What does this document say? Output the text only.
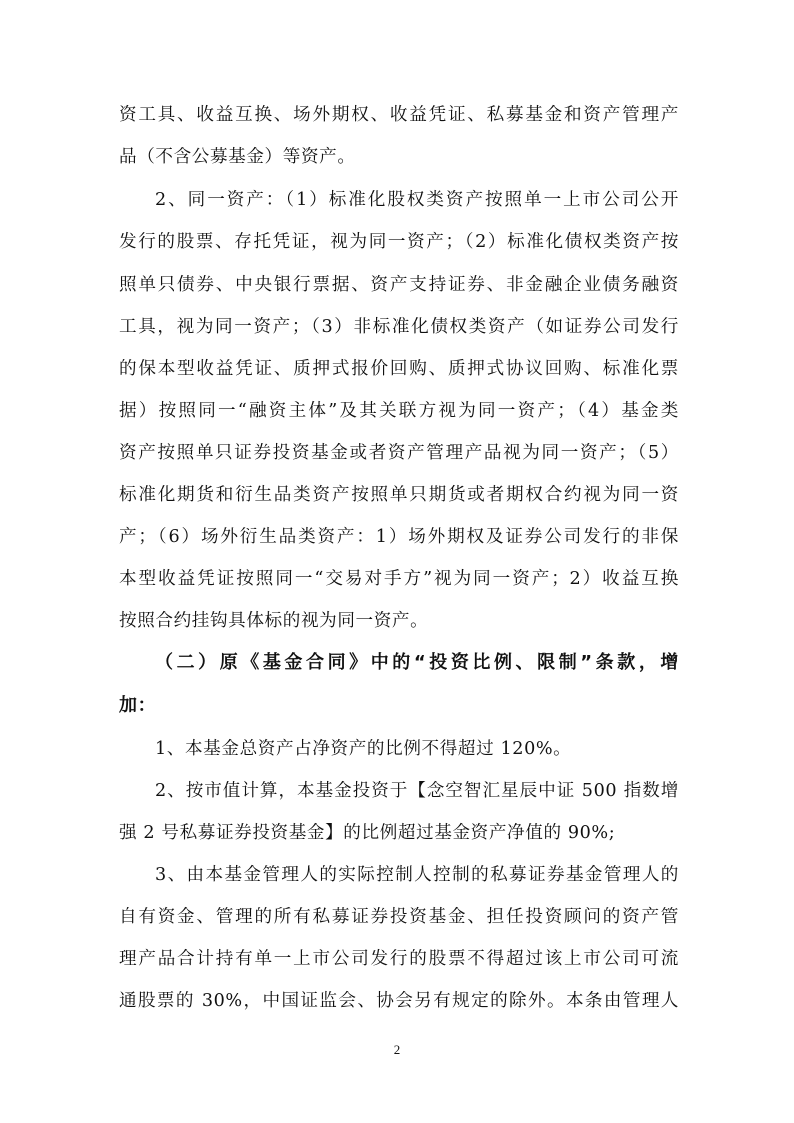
资工具、收益互换、场外期权、收益凭证、私募基金和资产管理产
品（不含公募基金）等资产。
2、同一资产：（1）标准化股权类资产按照单一上市公司公开
发行的股票、存托凭证，视为同一资产；（2）标准化债权类资产按
照单只债券、中央银行票据、资产支持证券、非金融企业债务融资
工具，视为同一资产；（3）非标准化债权类资产（如证券公司发行
的保本型收益凭证、质押式报价回购、质押式协议回购、标准化票
据）按照同一“融资主体”及其关联方视为同一资产；（4）基金类
资产按照单只证券投资基金或者资产管理产品视为同一资产；（5）
标准化期货和衍生品类资产按照单只期货或者期权合约视为同一资
产；（6）场外衍生品类资产：1）场外期权及证券公司发行的非保
本型收益凭证按照同一“交易对手方”视为同一资产；2）收益互换
按照合约挂钩具体标的视为同一资产。
（二）原《基金合同》中的“投资比例、限制”条款，增
加：
1、本基金总资产占净资产的比例不得超过 120%。
2、按市值计算，本基金投资于【念空智汇星辰中证 500 指数增
强 2 号私募证券投资基金】的比例超过基金资产净值的 90%;
3、由本基金管理人的实际控制人控制的私募证券基金管理人的
自有资金、管理的所有私募证券投资基金、担任投资顾问的资产管
理产品合计持有单一上市公司发行的股票不得超过该上市公司可流
通股票的 30%，中国证监会、协会另有规定的除外。本条由管理人
2
